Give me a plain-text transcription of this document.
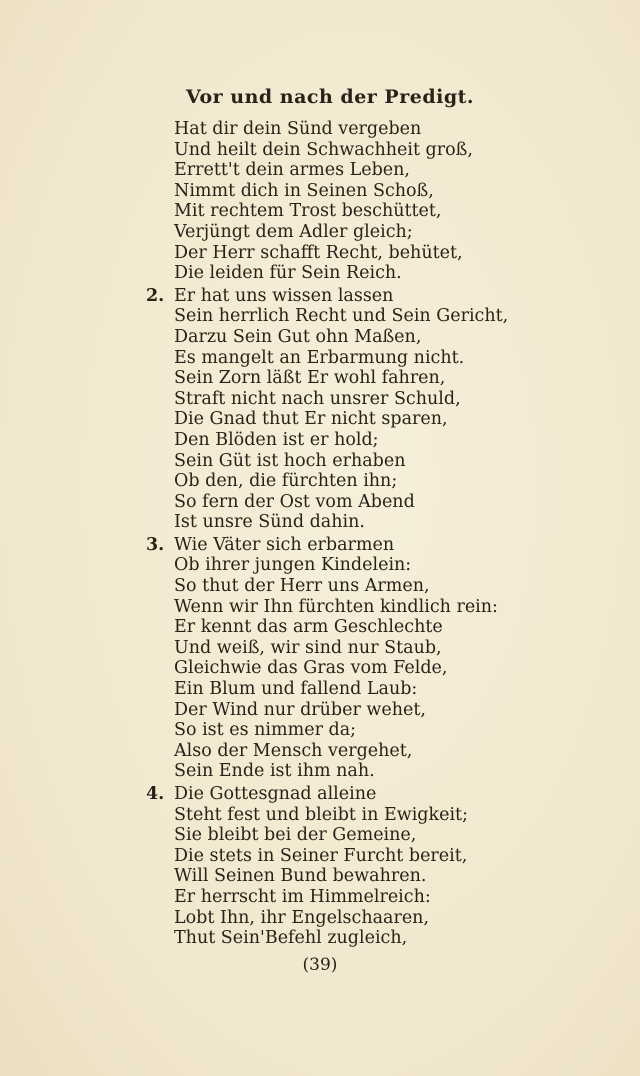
Vor und nach der Predigt.
Hat dir dein Sünd vergeben
Und heilt dein Schwachheit groß,
Errett't dein armes Leben,
Nimmt dich in Seinen Schoß,
Mit rechtem Trost beschüttet,
Verjüngt dem Adler gleich;
Der Herr schafft Recht, behütet,
Die leiden für Sein Reich.
2. Er hat uns wissen lassen
Sein herrlich Recht und Sein Gericht,
Darzu Sein Gut ohn Maßen,
Es mangelt an Erbarmung nicht.
Sein Zorn läßt Er wohl fahren,
Straft nicht nach unsrer Schuld,
Die Gnad thut Er nicht sparen,
Den Blöden ist er hold;
Sein Güt ist hoch erhaben
Ob den, die fürchten ihn;
So fern der Ost vom Abend
Ist unsre Sünd dahin.
3. Wie Väter sich erbarmen
Ob ihrer jungen Kindelein:
So thut der Herr uns Armen,
Wenn wir Ihn fürchten kindlich rein:
Er kennt das arm Geschlechte
Und weiß, wir sind nur Staub,
Gleichwie das Gras vom Felde,
Ein Blum und fallend Laub:
Der Wind nur drüber wehet,
So ist es nimmer da;
Also der Mensch vergehet,
Sein Ende ist ihm nah.
4. Die Gottesgnad alleine
Steht fest und bleibt in Ewigkeit;
Sie bleibt bei der Gemeine,
Die stets in Seiner Furcht bereit,
Will Seinen Bund bewahren.
Er herrscht im Himmelreich:
Lobt Ihn, ihr Engelschaaren,
Thut Sein'Befehl zugleich,
(39)
